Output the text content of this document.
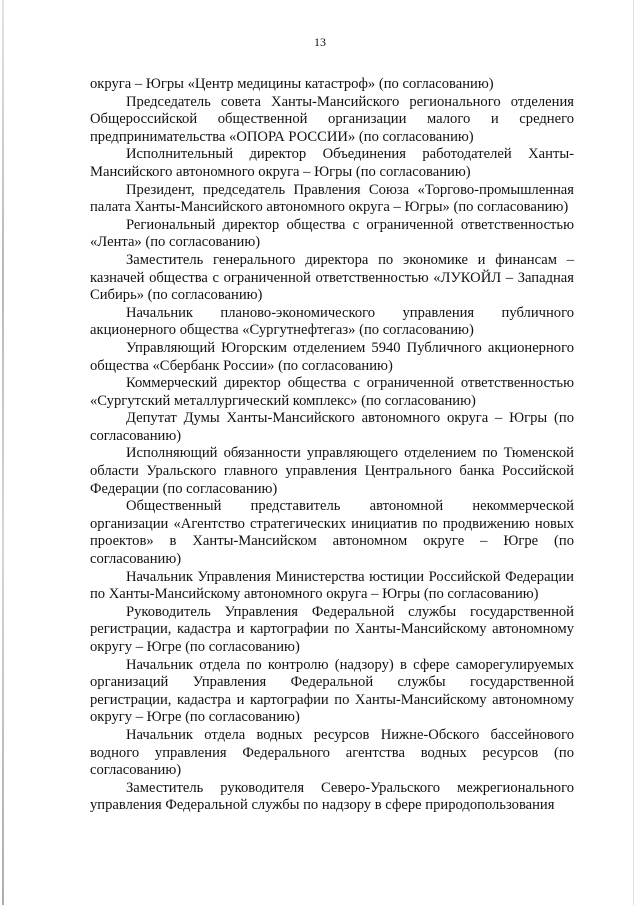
13

округа – Югры «Центр медицины катастроф» (по согласованию)

Председатель совета Ханты-Мансийского регионального отделения Общероссийской общественной организации малого и среднего предпринимательства «ОПОРА РОССИИ» (по согласованию)

Исполнительный директор Объединения работодателей Ханты-Мансийского автономного округа – Югры (по согласованию)

Президент, председатель Правления Союза «Торгово-промышленная палата Ханты-Мансийского автономного округа – Югры» (по согласованию)

Региональный директор общества с ограниченной ответственностью «Лента» (по согласованию)

Заместитель генерального директора по экономике и финансам – казначей общества с ограниченной ответственностью «ЛУКОЙЛ – Западная Сибирь» (по согласованию)

Начальник планово-экономического управления публичного акционерного общества «Сургутнефтегаз» (по согласованию)

Управляющий Югорским отделением 5940 Публичного акционерного общества «Сбербанк России» (по согласованию)

Коммерческий директор общества с ограниченной ответственностью «Сургутский металлургический комплекс» (по согласованию)

Депутат Думы Ханты-Мансийского автономного округа – Югры (по согласованию)

Исполняющий обязанности управляющего отделением по Тюменской области Уральского главного управления Центрального банка Российской Федерации (по согласованию)

Общественный представитель автономной некоммерческой организации «Агентство стратегических инициатив по продвижению новых проектов» в Ханты-Мансийском автономном округе – Югре (по согласованию)

Начальник Управления Министерства юстиции Российской Федерации по Ханты-Мансийскому автономного округа – Югры (по согласованию)

Руководитель Управления Федеральной службы государственной регистрации, кадастра и картографии по Ханты-Мансийскому автономному округу – Югре (по согласованию)

Начальник отдела по контролю (надзору) в сфере саморегулируемых организаций Управления Федеральной службы государственной регистрации, кадастра и картографии по Ханты-Мансийскому автономному округу – Югре (по согласованию)

Начальник отдела водных ресурсов Нижне-Обского бассейнового водного управления Федерального агентства водных ресурсов (по согласованию)

Заместитель руководителя Северо-Уральского межрегионального управления Федеральной службы по надзору в сфере природопользования
